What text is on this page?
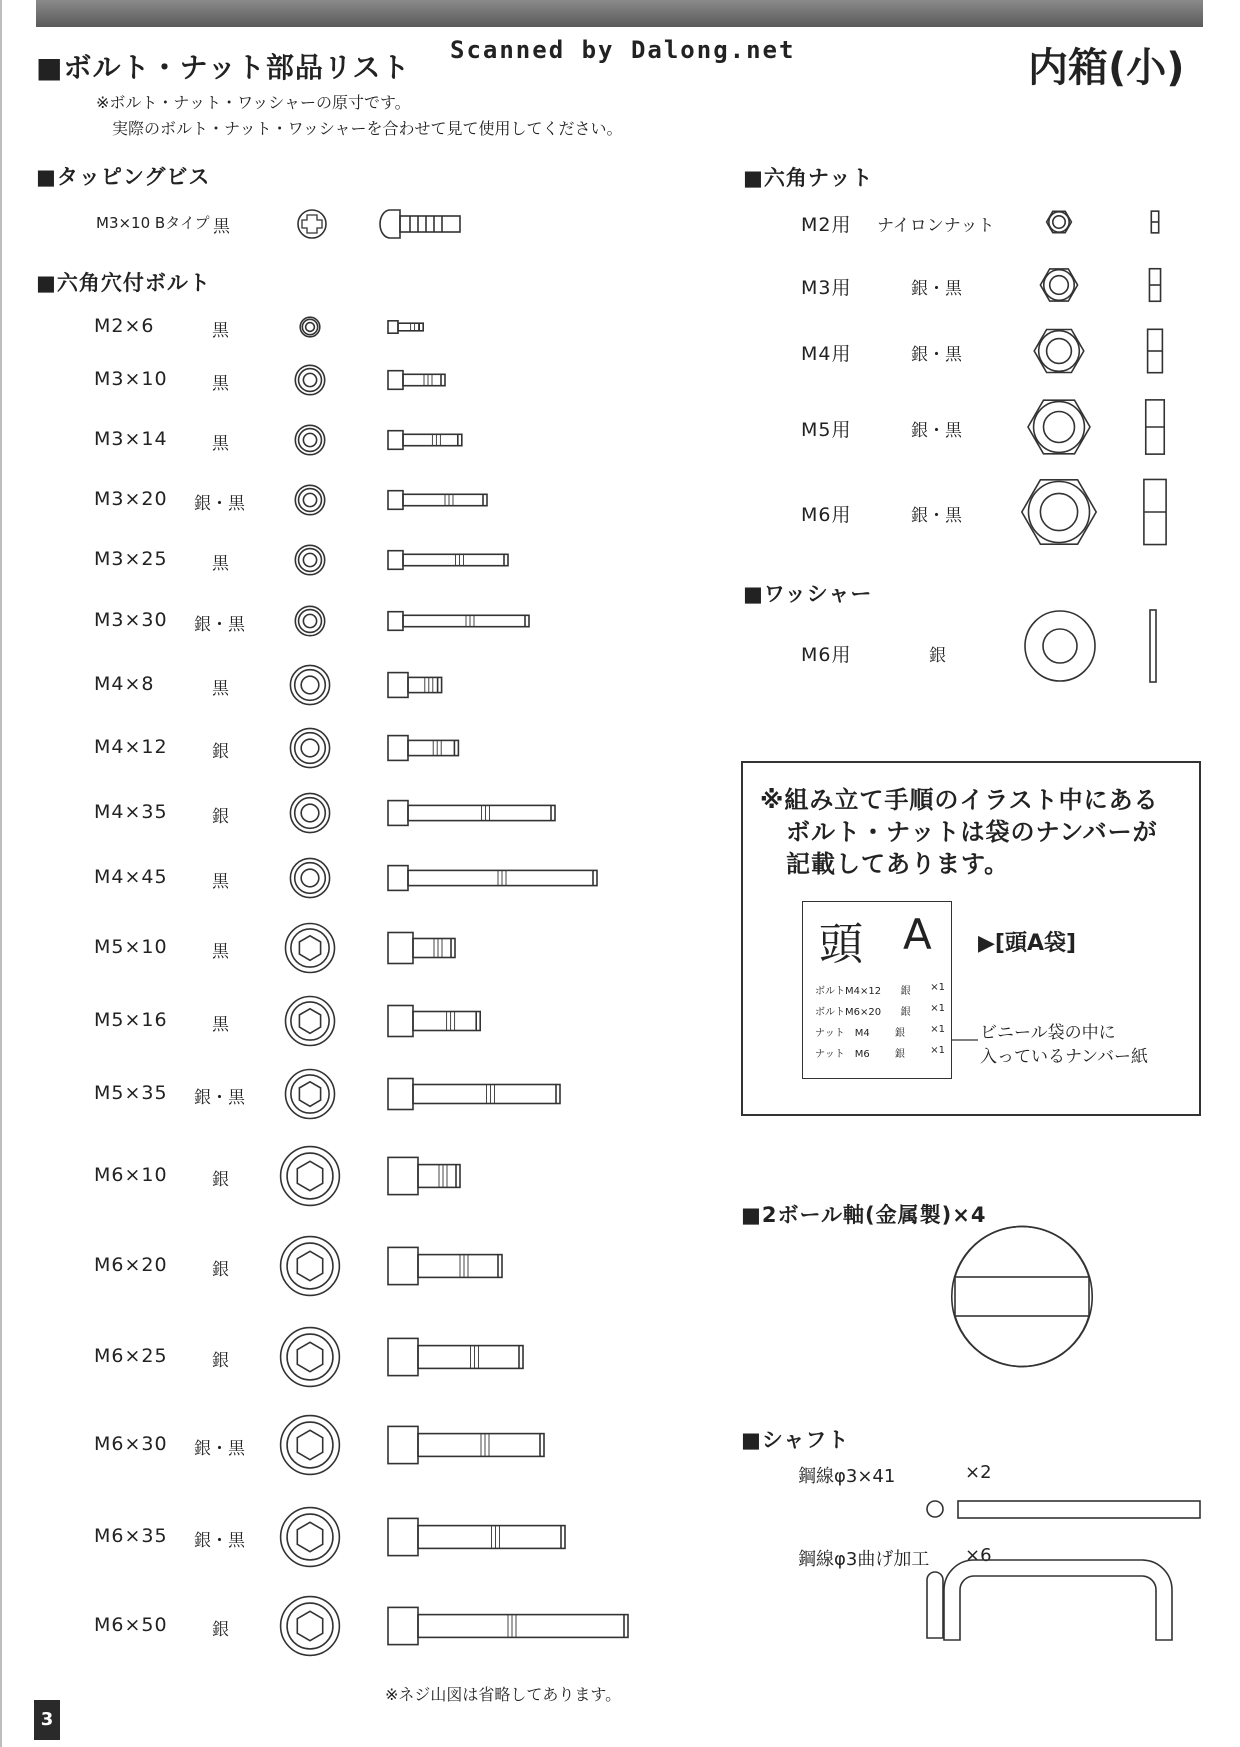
■ボルト・ナット部品リスト
Scanned by Dalong.net	内箱(小)
※ボルト・ナット・ワッシャーの原寸です。
実際のボルト・ナット・ワッシャーを合わせて見て使用してください。
■タッピングビス
M3×10 Bタイプ 黒
■六角穴付ボルト
M2×6	黒
M3×10	黒
M3×14	黒
M3×20 銀・黒
M3×25	黒
M3×30 銀・黒
M4×8	黒
M4×12	銀
M4×35	銀
M4×45	黒
M5×10	黒
M5×16	黒
M5×35 銀・黒
M6×10	銀
M6×20	銀
M6×25	銀
M6×30 銀・黒
M6×35 銀・黒
M6×50	銀
※ネジ山図は省略してあります。
■六角ナット
M2用 ナイロンナット
M3用	銀・黒
M4用	銀・黒
M5用	銀・黒
M6用	銀・黒
■ワッシャー
M6用	銀
※組み立て手順のイラスト中にある
ボルト・ナットは袋のナンバーが
記載してあります。
頭 A
ボルトM4×12 銀 ×1
ボルトM6×20 銀 ×1
ナット　M4	銀	×1
ナット　M6	銀	×1
▶[頭A袋]
ビニール袋の中に
入っているナンバー紙
■2ボール軸(金属製)×4
■シャフト
鋼線φ3×41	×2
鋼線φ3曲げ加工 ×6
3
